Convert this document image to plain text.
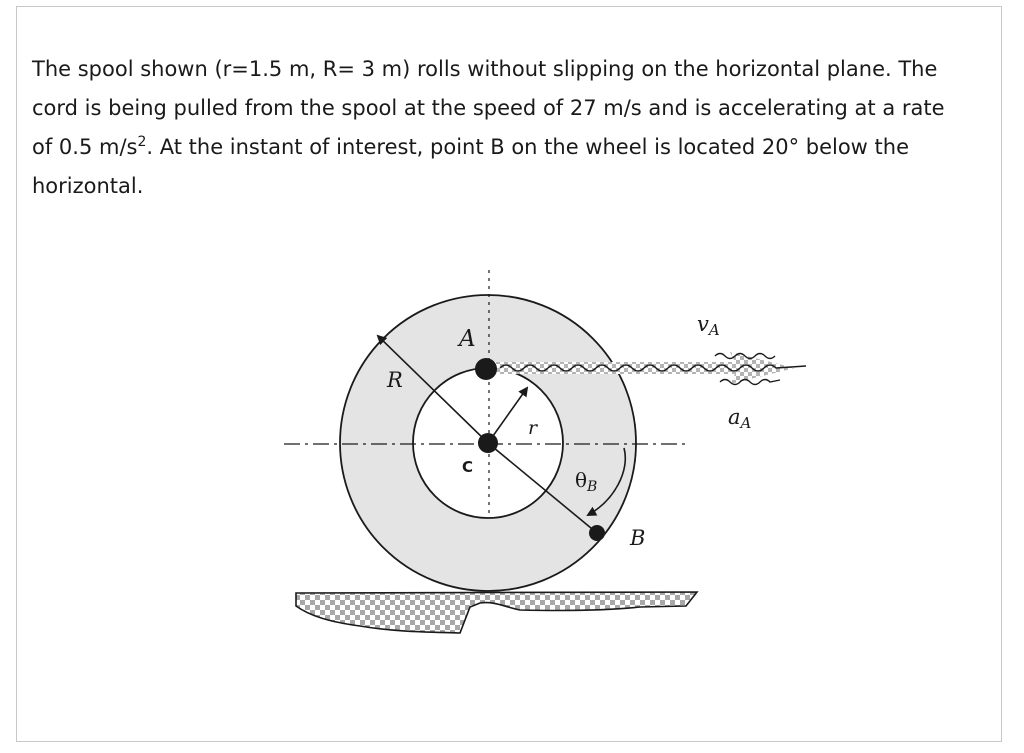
The spool shown (r=1.5 m, R= 3 m) rolls without slipping on the horizontal plane. The cord is being pulled from the spool at the speed of 27 m/s and is accelerating at a rate of 0.5 $m/s^2$. At the instant of interest, point B on the wheel is located 20° below the horizontal.

A
R
r
C
B
$\theta_B$
vA
aA
